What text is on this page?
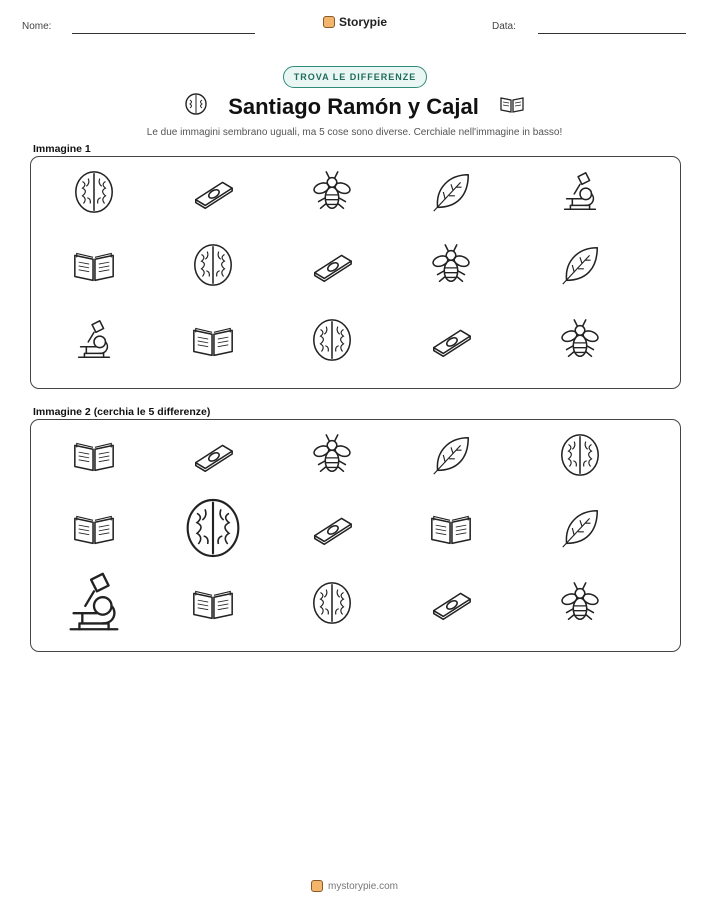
Nome:	Storypie	Data:
TROVA LE DIFFERENZE
Santiago Ramón y Cajal
Le due immagini sembrano uguali, ma 5 cose sono diverse. Cerchiale nell'immagine in basso!
Immagine 1
Immagine 2 (cerchia le 5 differenze)
mystorypie.com
